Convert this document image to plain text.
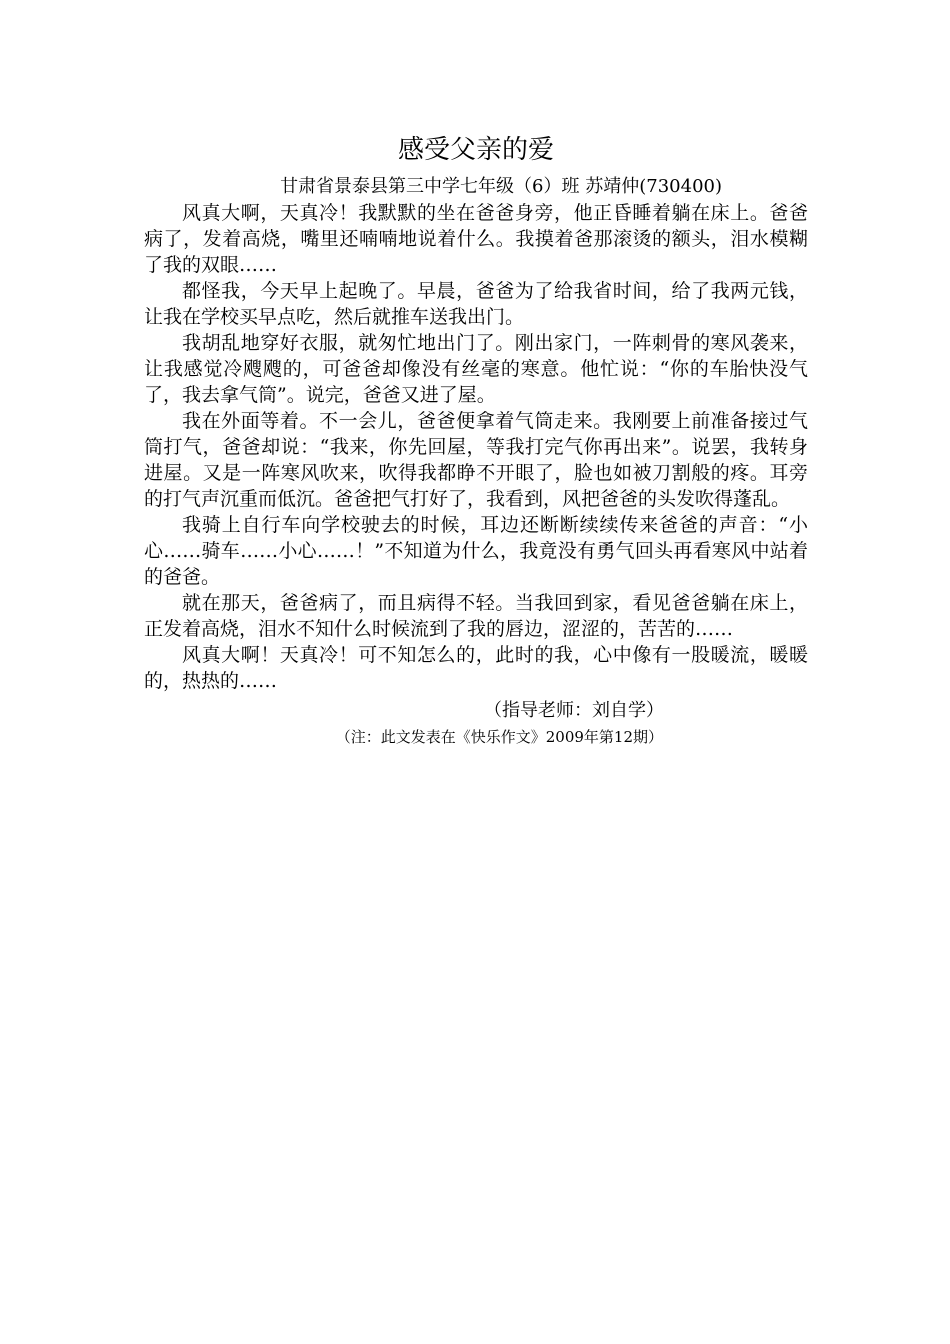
感受父亲的爱

甘肃省景泰县第三中学七年级（6）班 苏靖仲(730400)

风真大啊，天真冷！我默默的坐在爸爸身旁，他正昏睡着躺在床上。爸爸病了，发着高烧，嘴里还喃喃地说着什么。我摸着爸那滚烫的额头，泪水模糊了我的双眼……

都怪我，今天早上起晚了。早晨，爸爸为了给我省时间，给了我两元钱，让我在学校买早点吃，然后就推车送我出门。

我胡乱地穿好衣服，就匆忙地出门了。刚出家门，一阵刺骨的寒风袭来，让我感觉冷飕飕的，可爸爸却像没有丝毫的寒意。他忙说：“你的车胎快没气了，我去拿气筒”。说完，爸爸又进了屋。

我在外面等着。不一会儿，爸爸便拿着气筒走来。我刚要上前准备接过气筒打气，爸爸却说：“我来，你先回屋，等我打完气你再出来”。说罢，我转身进屋。又是一阵寒风吹来，吹得我都睁不开眼了，脸也如被刀割般的疼。耳旁的打气声沉重而低沉。爸爸把气打好了，我看到，风把爸爸的头发吹得蓬乱。

我骑上自行车向学校驶去的时候，耳边还断断续续传来爸爸的声音：“小心……骑车……小心……！”不知道为什么，我竟没有勇气回头再看寒风中站着的爸爸。

就在那天，爸爸病了，而且病得不轻。当我回到家，看见爸爸躺在床上，正发着高烧，泪水不知什么时候流到了我的唇边，涩涩的，苦苦的……

风真大啊！天真冷！可不知怎么的，此时的我，心中像有一股暖流，暖暖的，热热的……

（指导老师：刘自学）

（注：此文发表在《快乐作文》2009年第12期）
